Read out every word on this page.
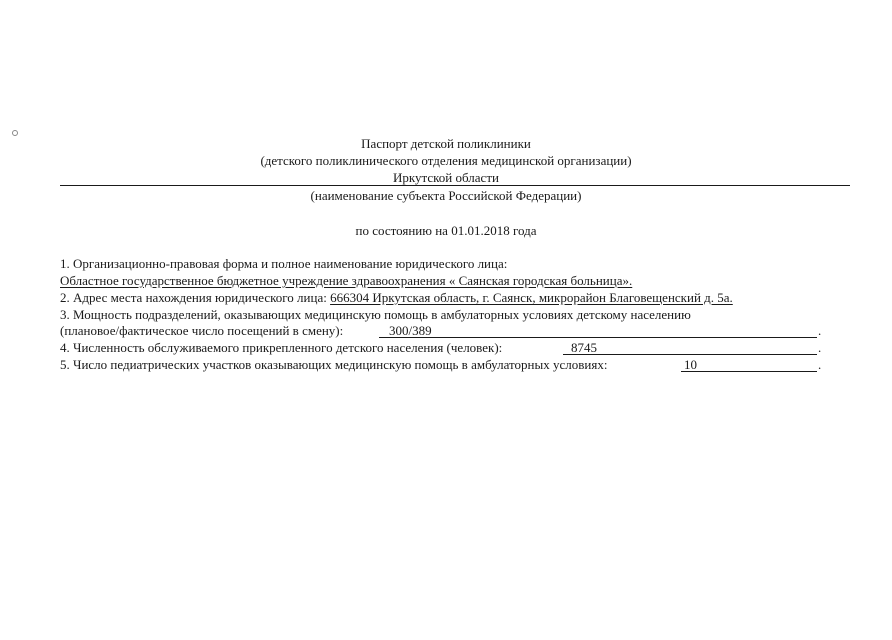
Паспорт детской поликлиники
(детского поликлинического отделения медицинской организации)
Иркутской области
(наименование субъекта Российской Федерации)
по состоянию на 01.01.2018 года
1. Организационно-правовая форма и полное наименование юридического лица:
Областное государственное бюджетное учреждение здравоохранения « Саянская городская больница».
2. Адрес места нахождения юридического лица: 666304 Иркутская область, г. Саянск, микрорайон Благовещенский д. 5а.
3. Мощность подразделений, оказывающих медицинскую помощь в амбулаторных условиях детскому населению
(плановое/фактическое число посещений в смену):	300/389	.
4. Численность обслуживаемого прикрепленного детского населения (человек):	8745	.
5. Число педиатрических участков оказывающих медицинскую помощь в амбулаторных условиях:	10	.
